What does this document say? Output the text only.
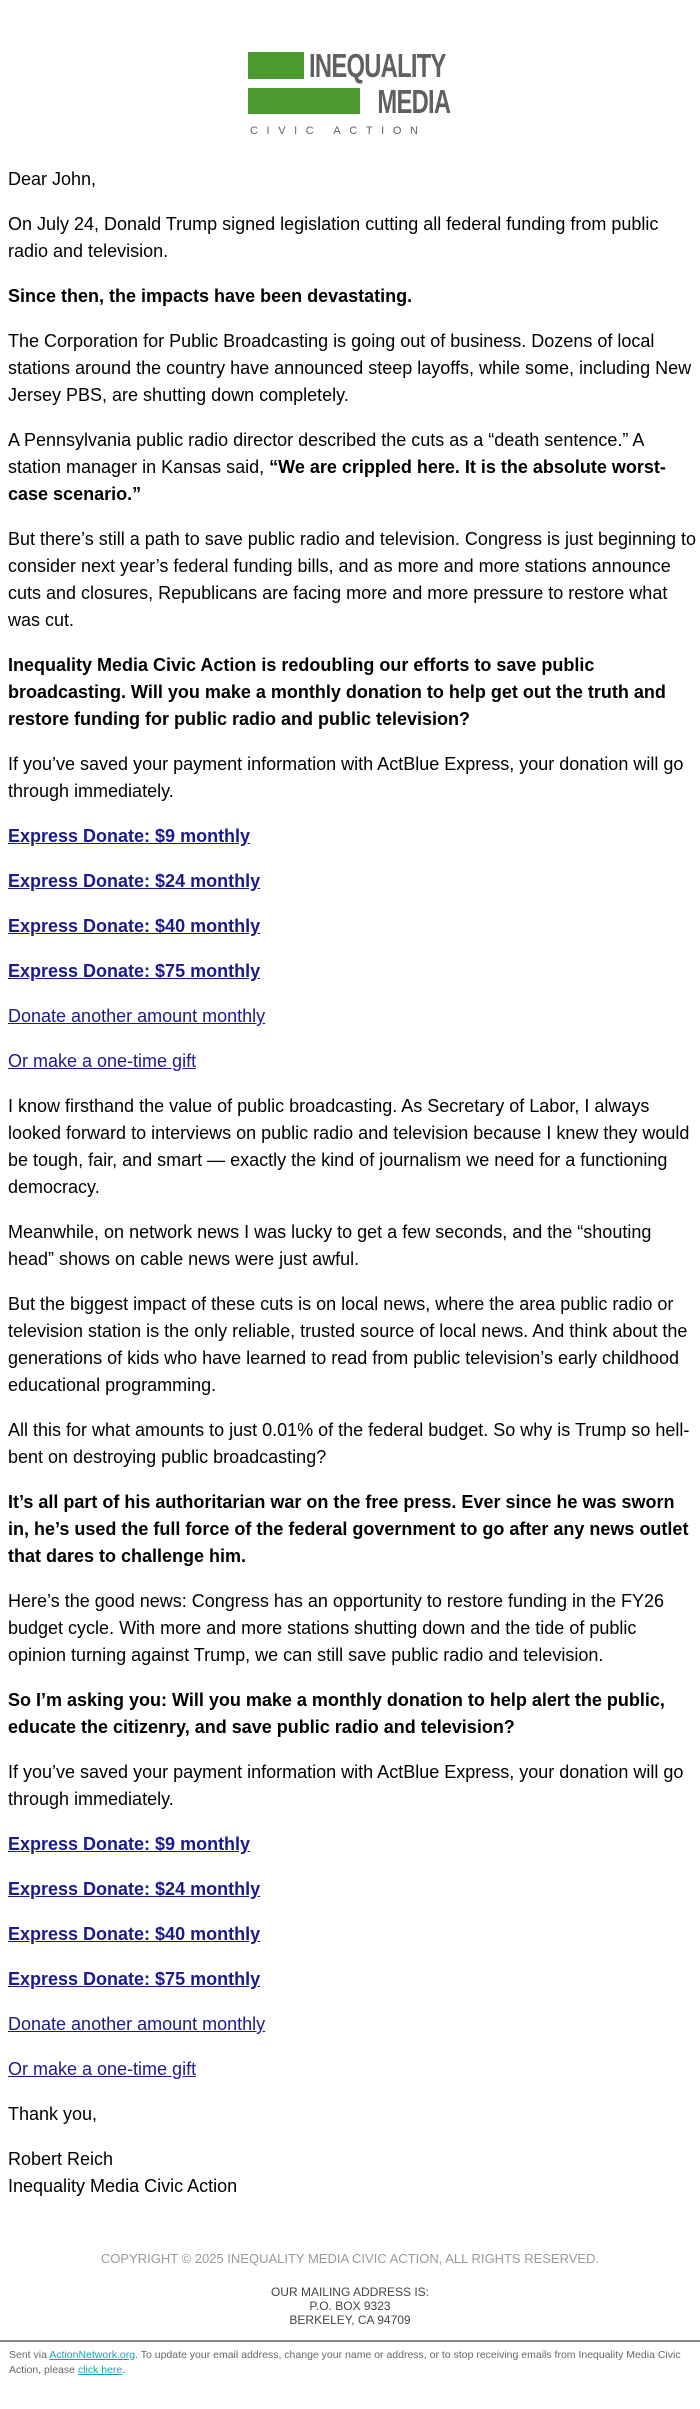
INEQUALITY
MEDIA
CIVIC ACTION

Dear John,

On July 24, Donald Trump signed legislation cutting all federal funding from public radio and television.

Since then, the impacts have been devastating.

The Corporation for Public Broadcasting is going out of business. Dozens of local stations around the country have announced steep layoffs, while some, including New Jersey PBS, are shutting down completely.

A Pennsylvania public radio director described the cuts as a “death sentence.” A station manager in Kansas said, “We are crippled here. It is the absolute worst-case scenario.”

But there’s still a path to save public radio and television. Congress is just beginning to consider next year’s federal funding bills, and as more and more stations announce cuts and closures, Republicans are facing more and more pressure to restore what was cut.

Inequality Media Civic Action is redoubling our efforts to save public broadcasting. Will you make a monthly donation to help get out the truth and restore funding for public radio and public television?

If you’ve saved your payment information with ActBlue Express, your donation will go through immediately.

Express Donate: $9 monthly

Express Donate: $24 monthly

Express Donate: $40 monthly

Express Donate: $75 monthly

Donate another amount monthly

Or make a one-time gift

I know firsthand the value of public broadcasting. As Secretary of Labor, I always looked forward to interviews on public radio and television because I knew they would be tough, fair, and smart — exactly the kind of journalism we need for a functioning democracy.

Meanwhile, on network news I was lucky to get a few seconds, and the “shouting head” shows on cable news were just awful.

But the biggest impact of these cuts is on local news, where the area public radio or television station is the only reliable, trusted source of local news. And think about the generations of kids who have learned to read from public television’s early childhood educational programming.

All this for what amounts to just 0.01% of the federal budget. So why is Trump so hell-bent on destroying public broadcasting?

It’s all part of his authoritarian war on the free press. Ever since he was sworn in, he’s used the full force of the federal government to go after any news outlet that dares to challenge him.

Here’s the good news: Congress has an opportunity to restore funding in the FY26 budget cycle. With more and more stations shutting down and the tide of public opinion turning against Trump, we can still save public radio and television.

So I’m asking you: Will you make a monthly donation to help alert the public, educate the citizenry, and save public radio and television?

If you’ve saved your payment information with ActBlue Express, your donation will go through immediately.

Express Donate: $9 monthly

Express Donate: $24 monthly

Express Donate: $40 monthly

Express Donate: $75 monthly

Donate another amount monthly

Or make a one-time gift

Thank you,

Robert Reich
Inequality Media Civic Action

COPYRIGHT © 2025 INEQUALITY MEDIA CIVIC ACTION, ALL RIGHTS RESERVED.
OUR MAILING ADDRESS IS:
P.O. BOX 9323
BERKELEY, CA 94709
Sent via ActionNetwork.org. To update your email address, change your name or address, or to stop receiving emails from Inequality Media Civic Action, please click here.
